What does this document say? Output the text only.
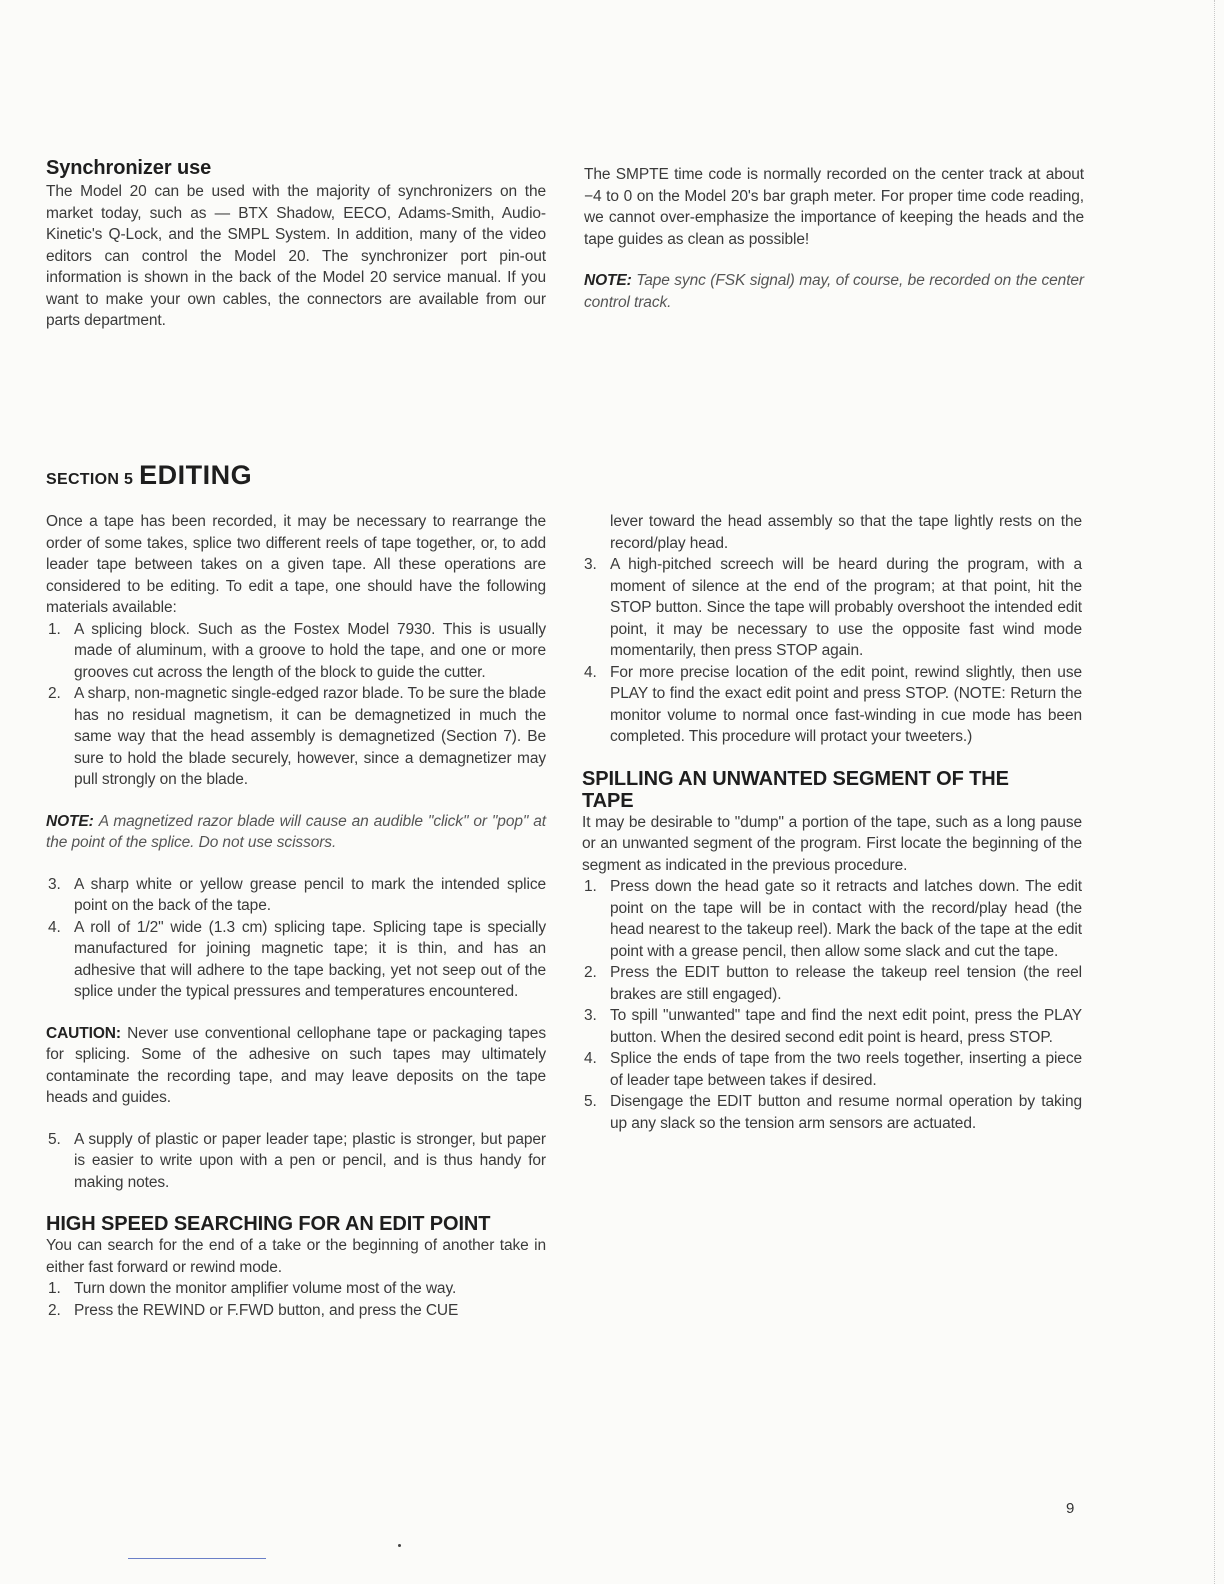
Synchronizer use

The Model 20 can be used with the majority of synchronizers on the market today, such as — BTX Shadow, EECO, Adams-Smith, Audio-Kinetic's Q-Lock, and the SMPL System. In addition, many of the video editors can control the Model 20. The synchronizer port pin-out information is shown in the back of the Model 20 service manual. If you want to make your own cables, the connectors are available from our parts department.

The SMPTE time code is normally recorded on the center track at about −4 to 0 on the Model 20's bar graph meter. For proper time code reading, we cannot over-emphasize the importance of keeping the heads and the tape guides as clean as possible!

NOTE: Tape sync (FSK signal) may, of course, be recorded on the center control track.

SECTION 5 EDITING

Once a tape has been recorded, it may be necessary to rearrange the order of some takes, splice two different reels of tape together, or, to add leader tape between takes on a given tape. All these operations are considered to be editing. To edit a tape, one should have the following materials available:

1. A splicing block. Such as the Fostex Model 7930. This is usually made of aluminum, with a groove to hold the tape, and one or more grooves cut across the length of the block to guide the cutter.
2. A sharp, non-magnetic single-edged razor blade. To be sure the blade has no residual magnetism, it can be demagnetized in much the same way that the head assembly is demagnetized (Section 7). Be sure to hold the blade securely, however, since a demagnetizer may pull strongly on the blade.

NOTE: A magnetized razor blade will cause an audible "click" or "pop" at the point of the splice. Do not use scissors.

3. A sharp white or yellow grease pencil to mark the intended splice point on the back of the tape.
4. A roll of 1/2" wide (1.3 cm) splicing tape. Splicing tape is specially manufactured for joining magnetic tape; it is thin, and has an adhesive that will adhere to the tape backing, yet not seep out of the splice under the typical pressures and temperatures encountered.

CAUTION: Never use conventional cellophane tape or packaging tapes for splicing. Some of the adhesive on such tapes may ultimately contaminate the recording tape, and may leave deposits on the tape heads and guides.

5. A supply of plastic or paper leader tape; plastic is stronger, but paper is easier to write upon with a pen or pencil, and is thus handy for making notes.
HIGH SPEED SEARCHING FOR AN EDIT POINT

You can search for the end of a take or the beginning of another take in either fast forward or rewind mode.

1. Turn down the monitor amplifier volume most of the way.
2. Press the REWIND or F.FWD button, and press the CUE

lever toward the head assembly so that the tape lightly rests on the record/play head.

3. A high-pitched screech will be heard during the program, with a moment of silence at the end of the program; at that point, hit the STOP button. Since the tape will probably overshoot the intended edit point, it may be necessary to use the opposite fast wind mode momentarily, then press STOP again.
4. For more precise location of the edit point, rewind slightly, then use PLAY to find the exact edit point and press STOP. (NOTE: Return the monitor volume to normal once fast-winding in cue mode has been completed. This procedure will protact your tweeters.)
SPILLING AN UNWANTED SEGMENT OF THE TAPE

It may be desirable to "dump" a portion of the tape, such as a long pause or an unwanted segment of the program. First locate the beginning of the segment as indicated in the previous procedure.

1. Press down the head gate so it retracts and latches down. The edit point on the tape will be in contact with the record/play head (the head nearest to the takeup reel). Mark the back of the tape at the edit point with a grease pencil, then allow some slack and cut the tape.
2. Press the EDIT button to release the takeup reel tension (the reel brakes are still engaged).
3. To spill "unwanted" tape and find the next edit point, press the PLAY button. When the desired second edit point is heard, press STOP.
4. Splice the ends of tape from the two reels together, inserting a piece of leader tape between takes if desired.
5. Disengage the EDIT button and resume normal operation by taking up any slack so the tension arm sensors are actuated.
9
